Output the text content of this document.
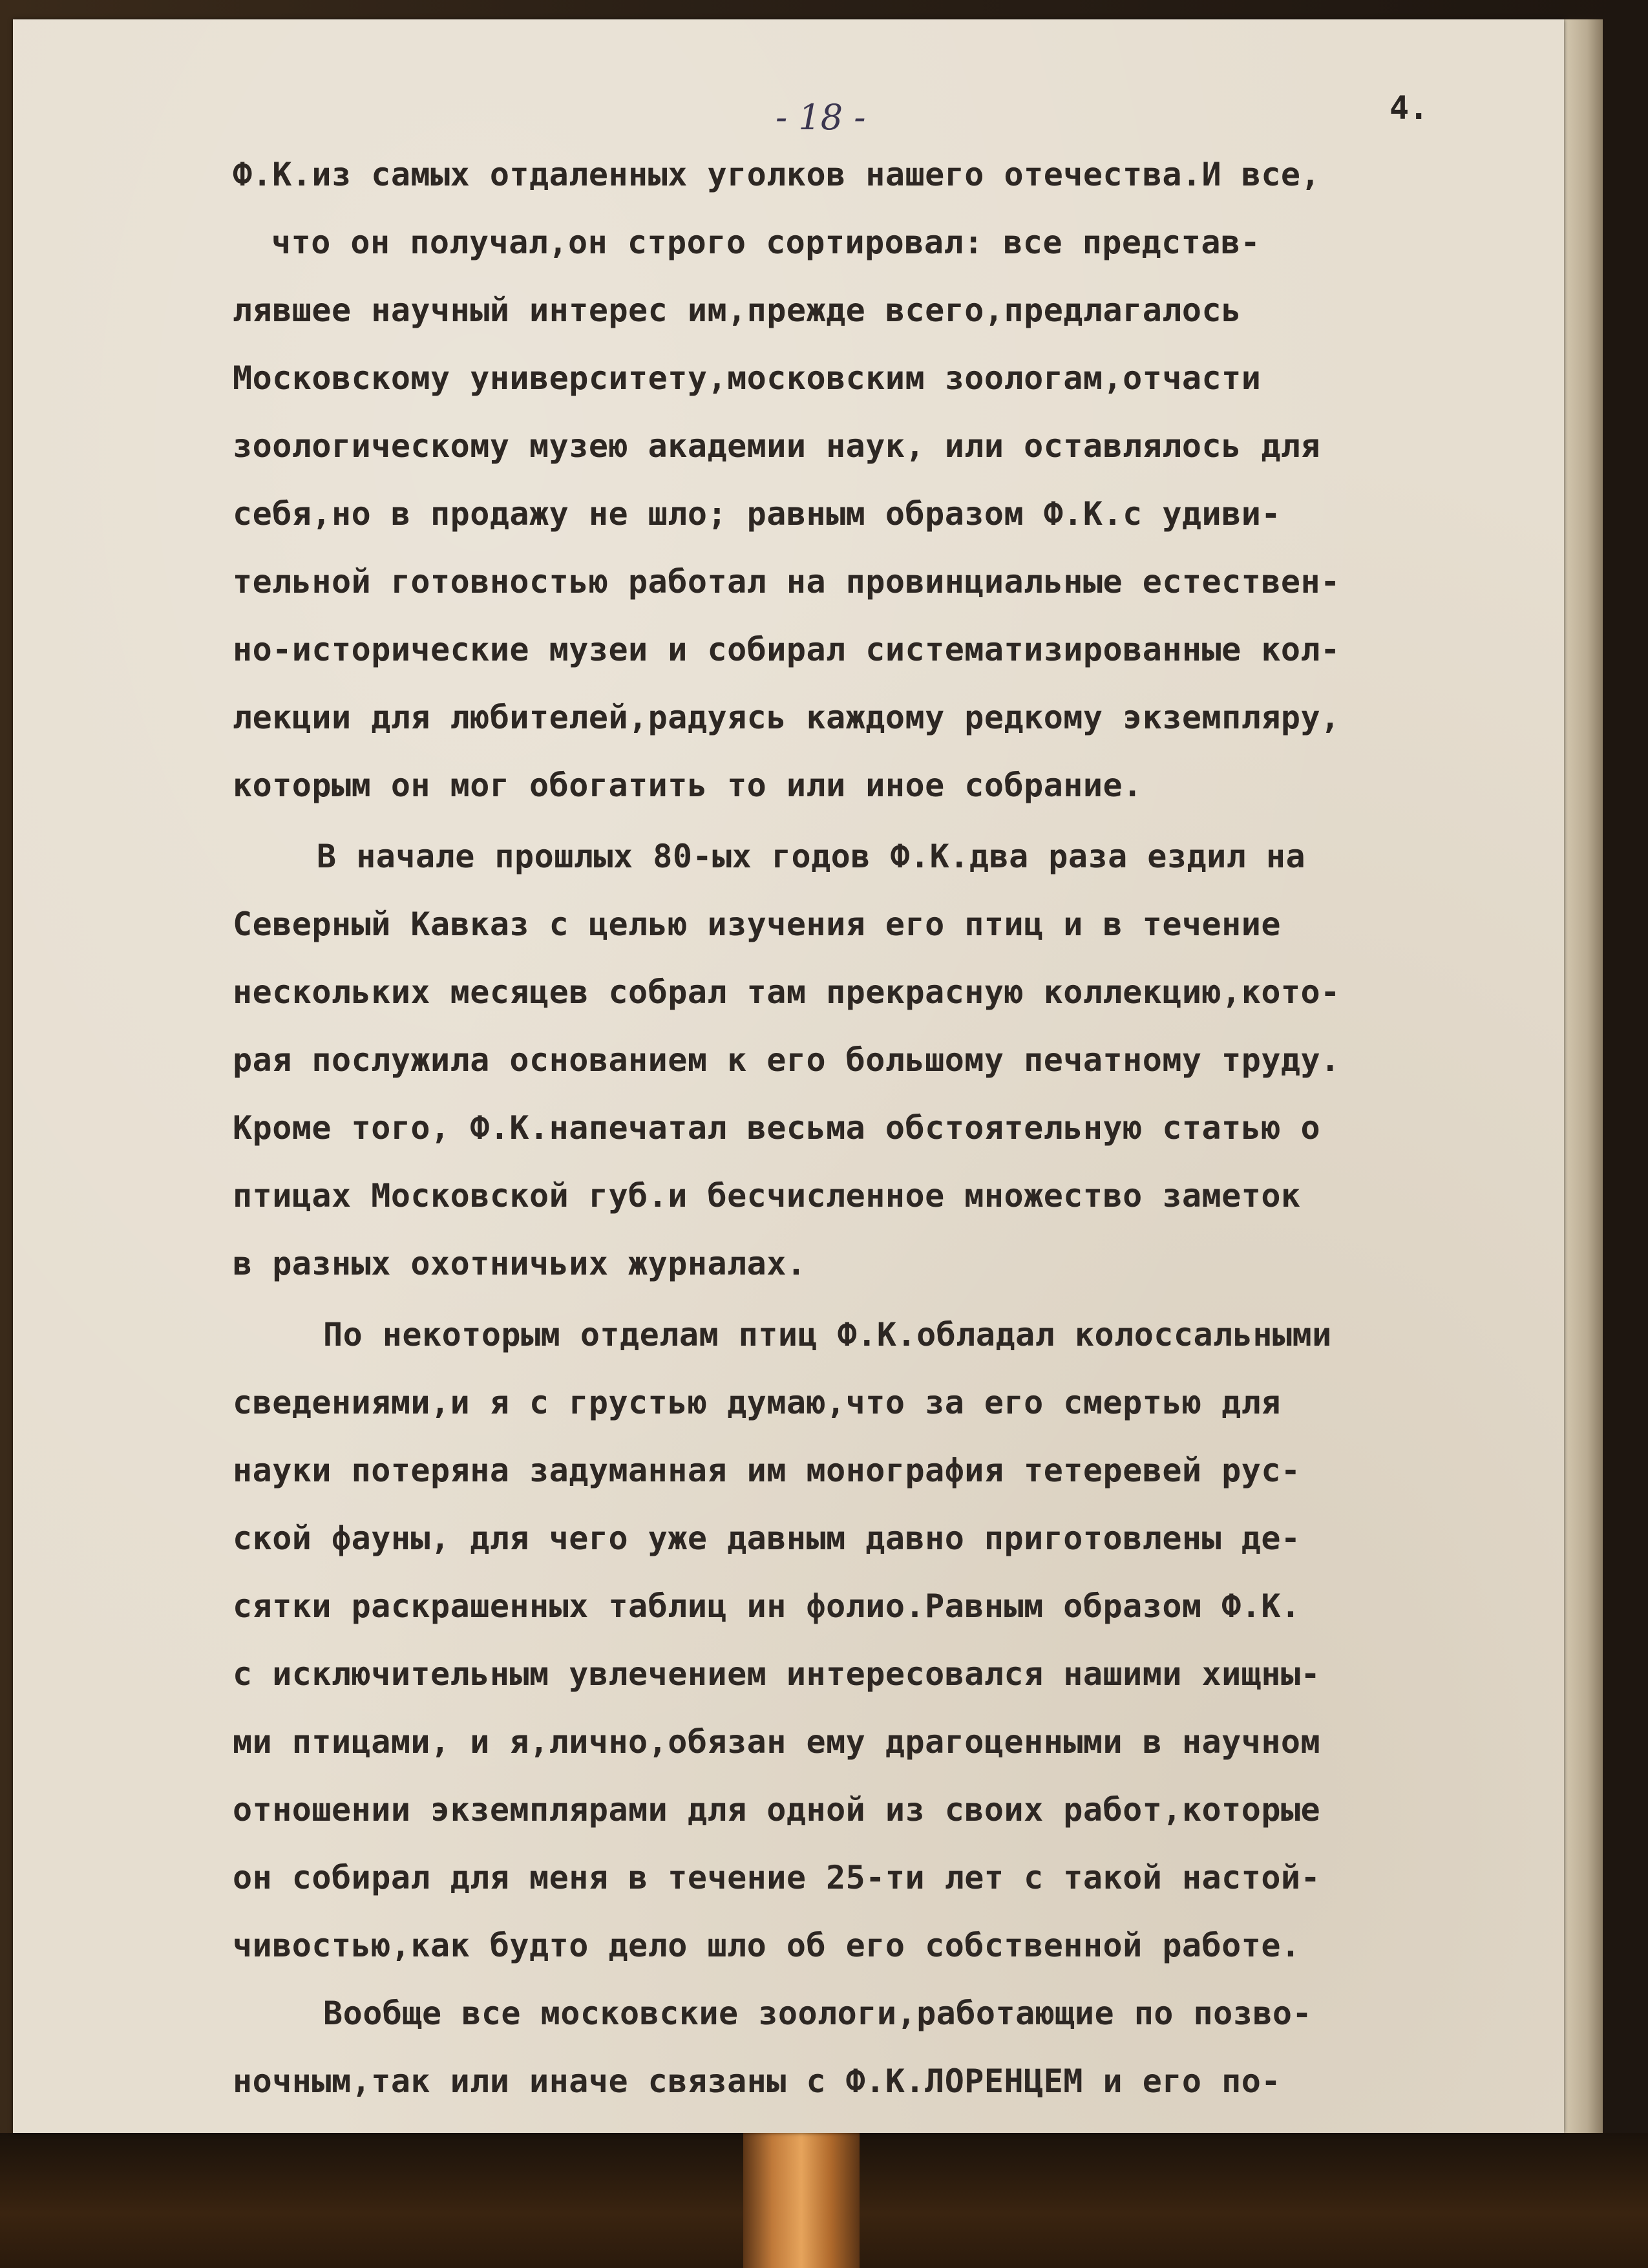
- 18 -	4.

Ф.К.из самых отдаленных уголков нашего отечества.И все,

что он получал,он строго сортировал: все представ-

лявшее научный интерес им,прежде всего,предлагалось

Московскому университету,московским зоологам,отчасти

зоологическому музею академии наук, или оставлялось для

себя,но в продажу не шло; равным образом Ф.К.с удиви-

тельной готовностью работал на провинциальные естествен-

но-исторические музеи и собирал систематизированные кол-

лекции для любителей,радуясь каждому редкому экземпляру,

которым он мог обогатить то или иное собрание.

В начале прошлых 80-ых годов Ф.К.два раза ездил на

Северный Кавказ с целью изучения его птиц и в течение

нескольких месяцев собрал там прекрасную коллекцию,кото-

рая послужила основанием к его большому печатному труду.

Кроме того, Ф.К.напечатал весьма обстоятельную статью о

птицах Московской губ.и бесчисленное множество заметок

в разных охотничьих журналах.

По некоторым отделам птиц Ф.К.обладал колоссальными

сведениями,и я с грустью думаю,что за его смертью для

науки потеряна задуманная им монография тетеревей рус-

ской фауны, для чего уже давным давно приготовлены де-

сятки раскрашенных таблиц ин фолио.Равным образом Ф.К.

с исключительным увлечением интересовался нашими хищны-

ми птицами, и я,лично,обязан ему драгоценными в научном

отношении экземплярами для одной из своих работ,которые

он собирал для меня в течение 25-ти лет с такой настой-

чивостью,как будто дело шло об его собственной работе.

Вообще все московские зоологи,работающие по позво-

ночным,так или иначе связаны с Ф.К.ЛОРЕНЦЕМ и его по-
